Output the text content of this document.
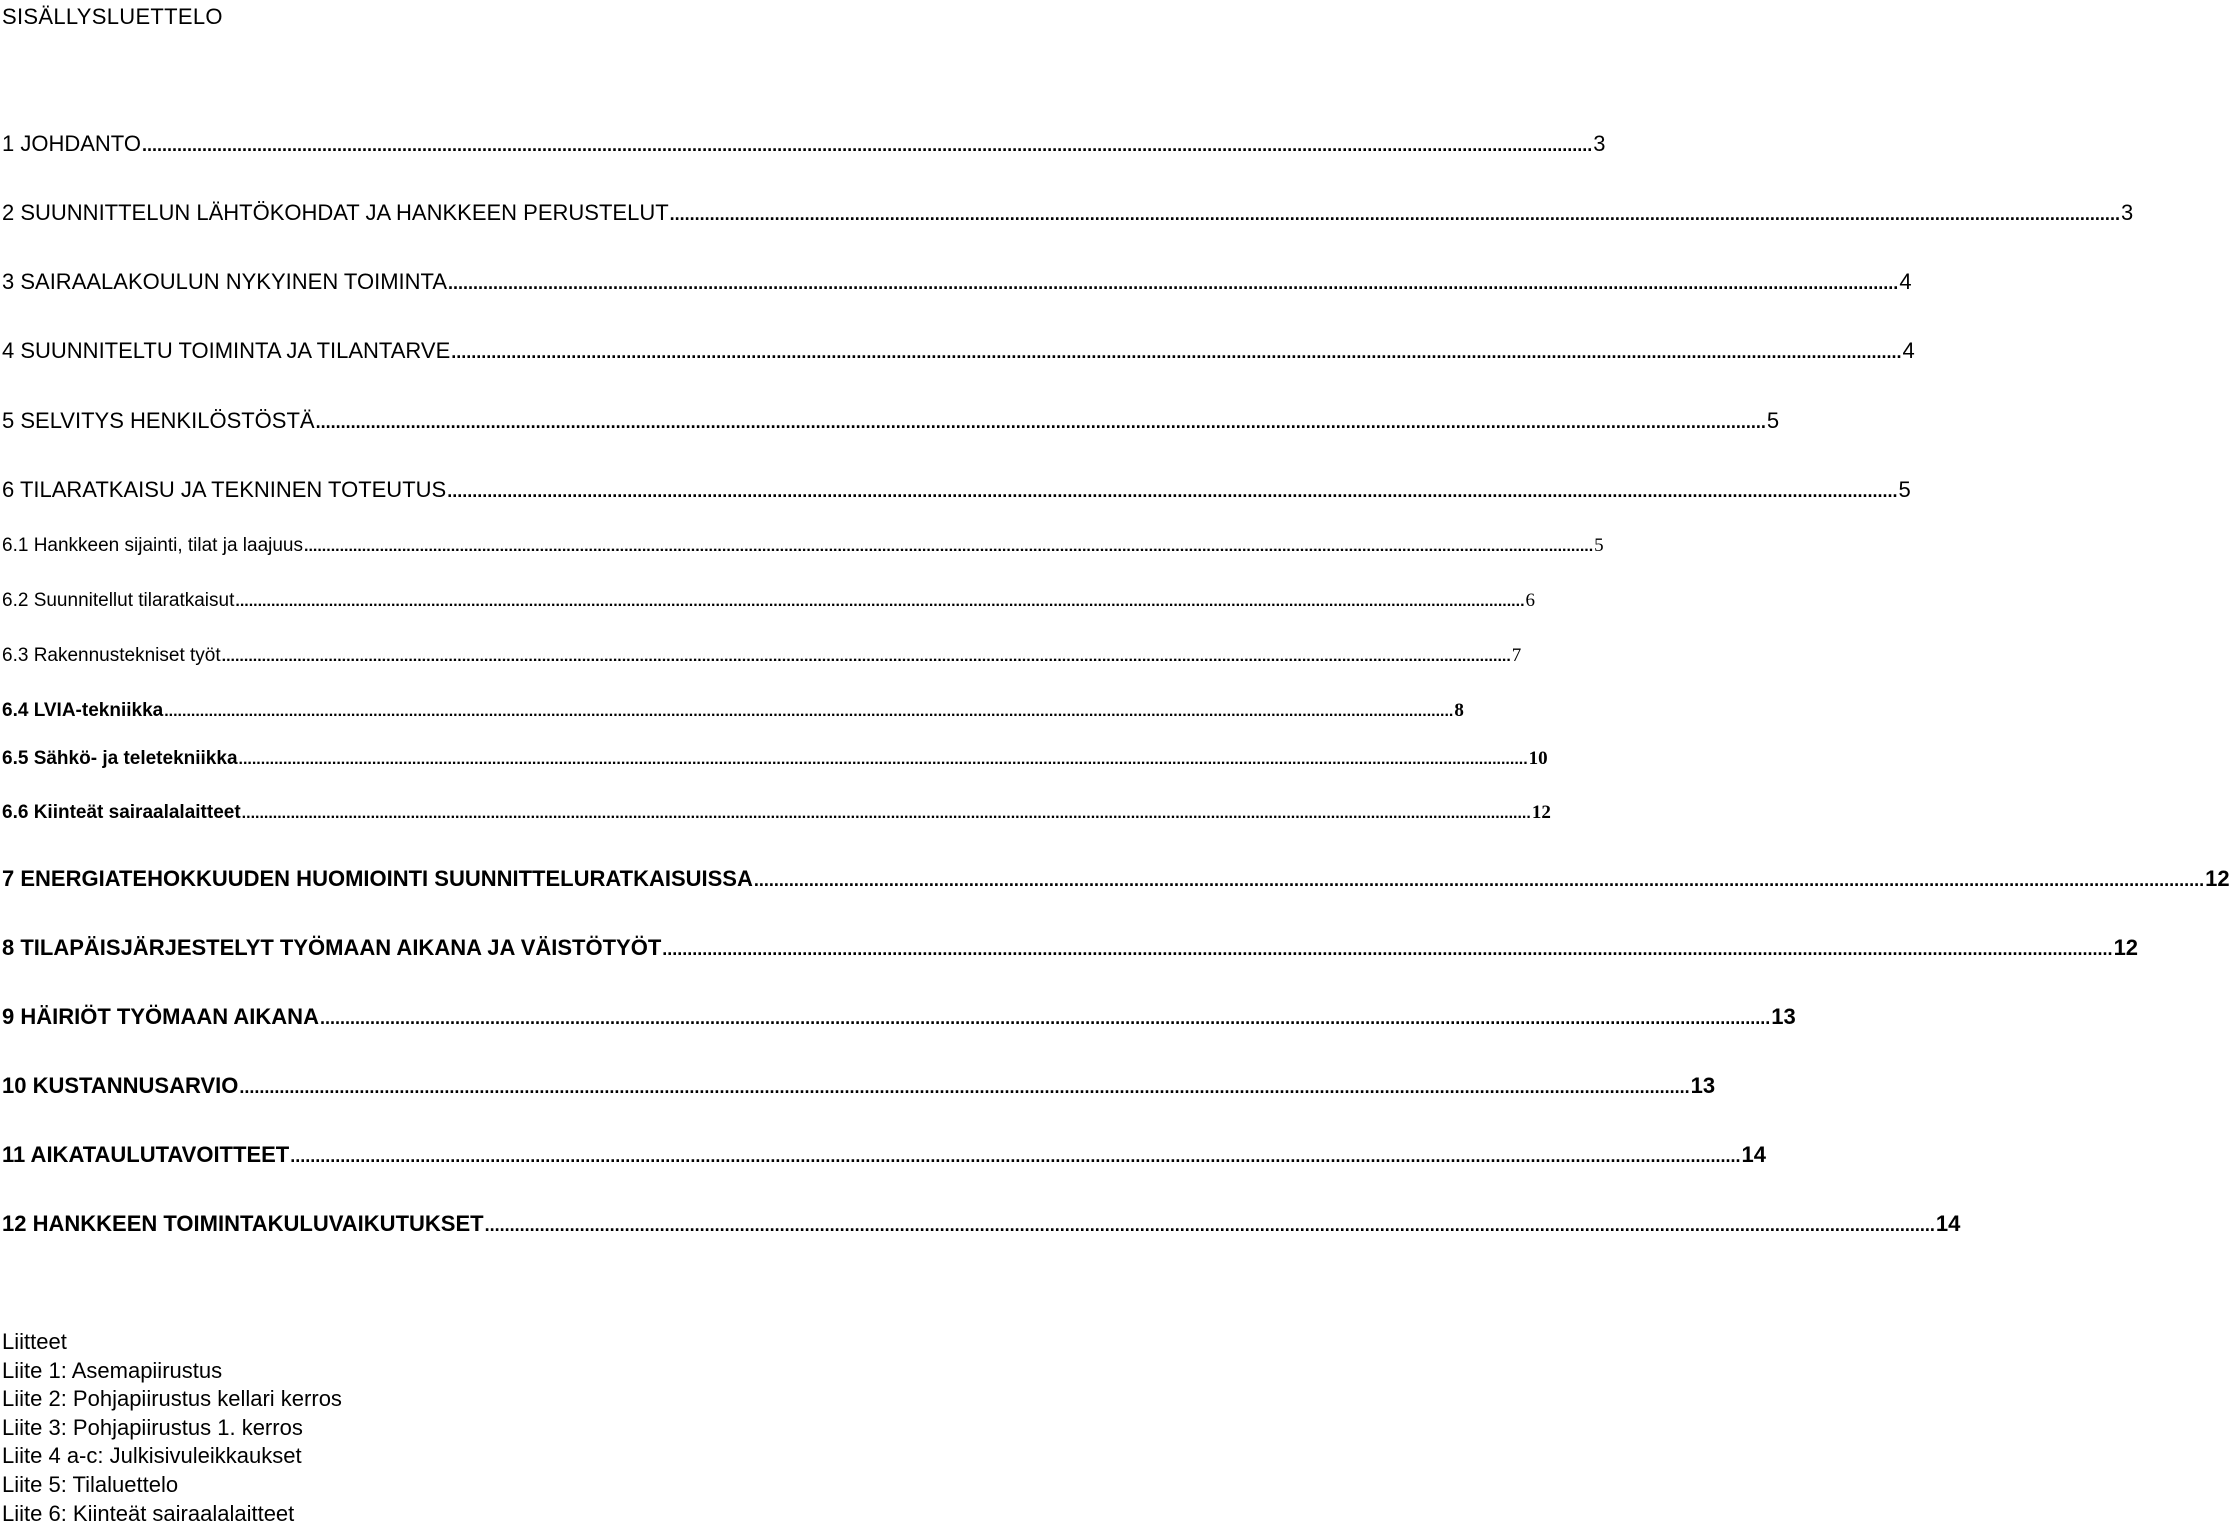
SISÄLLYSLUETTELO
1 JOHDANTO .....	3
2 SUUNNITTELUN LÄHTÖKOHDAT JA HANKKEEN PERUSTELUT .....	3
3 SAIRAALAKOULUN NYKYINEN TOIMINTA .....	4
4 SUUNNITELTU TOIMINTA JA TILANTARVE .....	4
5 SELVITYS HENKILÖSTÖSTÄ .....	5
6 TILARATKAISU JA TEKNINEN TOTEUTUS .....	5
6.1 Hankkeen sijainti, tilat ja laajuus .....	5
6.2 Suunnitellut tilaratkaisut .....	6
6.3 Rakennustekniset työt .....	7
6.4 LVIA-tekniikka .....	8
6.5 Sähkö- ja teletekniikka .....	10
6.6 Kiinteät sairaalalaitteet .....	12
7 ENERGIATEHOKKUUDEN HUOMIOINTI SUUNNITTELURATKAISUISSA .....	12
8 TILAPÄISJÄRJESTELYT TYÖMAAN AIKANA JA VÄISTÖTYÖT .....	12
9 HÄIRIÖT TYÖMAAN AIKANA .....	13
10 KUSTANNUSARVIO .....	13
11 AIKATAULUTAVOITTEET .....	14
12 HANKKEEN TOIMINTAKULUVAIKUTUKSET .....	14
Liitteet
Liite 1: Asemapiirustus
Liite 2: Pohjapiirustus kellari kerros
Liite 3: Pohjapiirustus 1. kerros
Liite 4 a-c: Julkisivuleikkaukset
Liite 5: Tilaluettelo
Liite 6: Kiinteät sairaalalaitteet
